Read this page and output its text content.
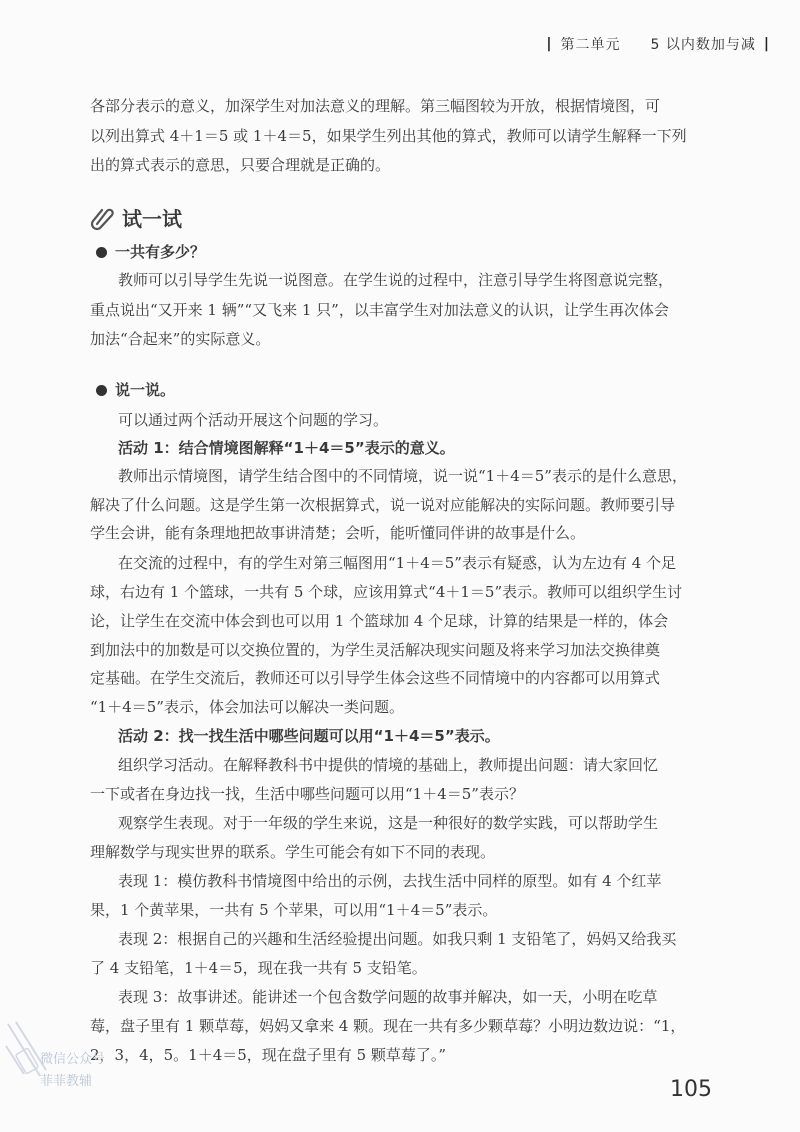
| 第二单元 5 以内数加与减 |
各部分表示的意义，加深学生对加法意义的理解。第三幅图较为开放，根据情境图，可
以列出算式 4＋1＝5 或 1＋4＝5，如果学生列出其他的算式，教师可以请学生解释一下列
出的算式表示的意思，只要合理就是正确的。
试一试
一共有多少？
教师可以引导学生先说一说图意。在学生说的过程中，注意引导学生将图意说完整，
重点说出“又开来 1 辆”“又飞来 1 只”，以丰富学生对加法意义的认识，让学生再次体会
加法“合起来”的实际意义。
说一说。
可以通过两个活动开展这个问题的学习。
活动 1：结合情境图解释“1＋4＝5”表示的意义。
教师出示情境图，请学生结合图中的不同情境，说一说“1＋4＝5”表示的是什么意思，
解决了什么问题。这是学生第一次根据算式，说一说对应能解决的实际问题。教师要引导
学生会讲，能有条理地把故事讲清楚；会听，能听懂同伴讲的故事是什么。
在交流的过程中，有的学生对第三幅图用“1＋4＝5”表示有疑惑，认为左边有 4 个足
球，右边有 1 个篮球，一共有 5 个球，应该用算式“4＋1＝5”表示。教师可以组织学生讨
论，让学生在交流中体会到也可以用 1 个篮球加 4 个足球，计算的结果是一样的，体会
到加法中的加数是可以交换位置的，为学生灵活解决现实问题及将来学习加法交换律奠
定基础。在学生交流后，教师还可以引导学生体会这些不同情境中的内容都可以用算式
“1＋4＝5”表示，体会加法可以解决一类问题。
活动 2：找一找生活中哪些问题可以用“1＋4＝5”表示。
组织学习活动。在解释教科书中提供的情境的基础上，教师提出问题：请大家回忆
一下或者在身边找一找，生活中哪些问题可以用“1＋4＝5”表示？
观察学生表现。对于一年级的学生来说，这是一种很好的数学实践，可以帮助学生
理解数学与现实世界的联系。学生可能会有如下不同的表现。
表现 1：模仿教科书情境图中给出的示例，去找生活中同样的原型。如有 4 个红苹
果，1 个黄苹果，一共有 5 个苹果，可以用“1＋4＝5”表示。
表现 2：根据自己的兴趣和生活经验提出问题。如我只剩 1 支铅笔了，妈妈又给我买
了 4 支铅笔，1＋4＝5，现在我一共有 5 支铅笔。
表现 3：故事讲述。能讲述一个包含数学问题的故事并解决，如一天，小明在吃草
莓，盘子里有 1 颗草莓，妈妈又拿来 4 颗。现在一共有多少颗草莓？小明边数边说：“1，
2，3，4，5。1＋4＝5，现在盘子里有 5 颗草莓了。”
105
微信公众号
菲菲教辅
